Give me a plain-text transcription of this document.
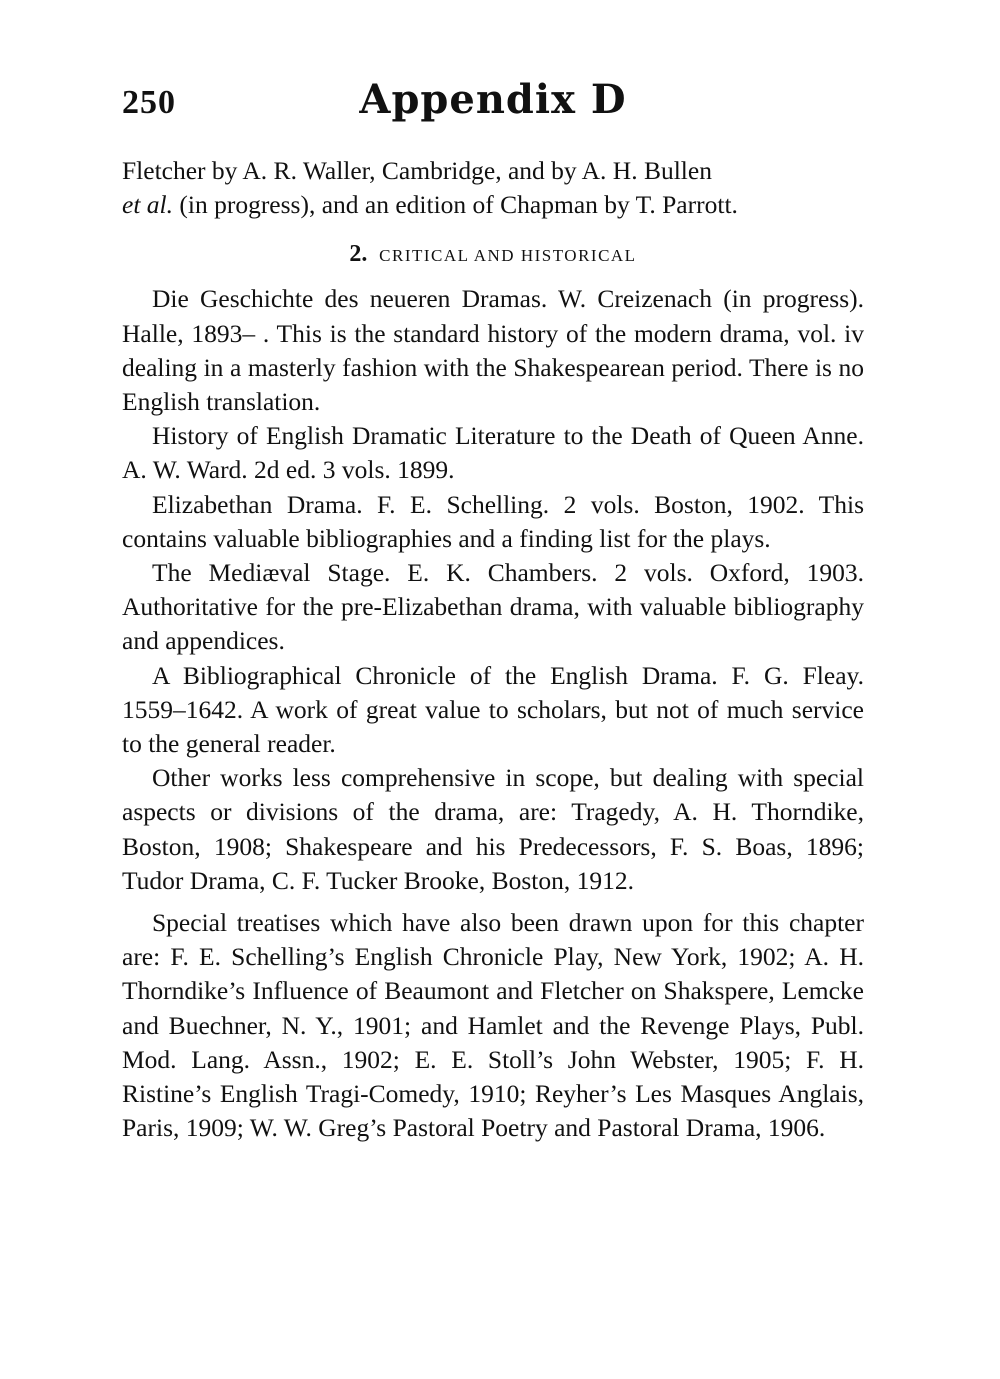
250	Appendix D

Fletcher by A. R. Waller, Cambridge, and by A. H. Bullen
et al. (in progress), and an edition of Chapman by T. Parrott.

2. CRITICAL AND HISTORICAL

Die Geschichte des neueren Dramas. W. Creizenach (in progress). Halle, 1893– . This is the standard history of the modern drama, vol. iv dealing in a masterly fashion with the Shakespearean period. There is no English translation.

History of English Dramatic Literature to the Death of Queen Anne. A. W. Ward. 2d ed. 3 vols. 1899.

Elizabethan Drama. F. E. Schelling. 2 vols. Boston, 1902. This contains valuable bibliographies and a finding list for the plays.

The Mediæval Stage. E. K. Chambers. 2 vols. Oxford, 1903. Authoritative for the pre-Elizabethan drama, with valuable bibliography and appendices.

A Bibliographical Chronicle of the English Drama. F. G. Fleay. 1559–1642. A work of great value to scholars, but not of much service to the general reader.

Other works less comprehensive in scope, but dealing with special aspects or divisions of the drama, are: Tragedy, A. H. Thorndike, Boston, 1908; Shakespeare and his Predecessors, F. S. Boas, 1896; Tudor Drama, C. F. Tucker Brooke, Boston, 1912.

Special treatises which have also been drawn upon for this chapter are: F. E. Schelling’s English Chronicle Play, New York, 1902; A. H. Thorndike’s Influence of Beaumont and Fletcher on Shakspere, Lemcke and Buechner, N. Y., 1901; and Hamlet and the Revenge Plays, Publ. Mod. Lang. Assn., 1902; E. E. Stoll’s John Webster, 1905; F. H. Ristine’s English Tragi-Comedy, 1910; Reyher’s Les Masques Anglais, Paris, 1909; W. W. Greg’s Pastoral Poetry and Pastoral Drama, 1906.
